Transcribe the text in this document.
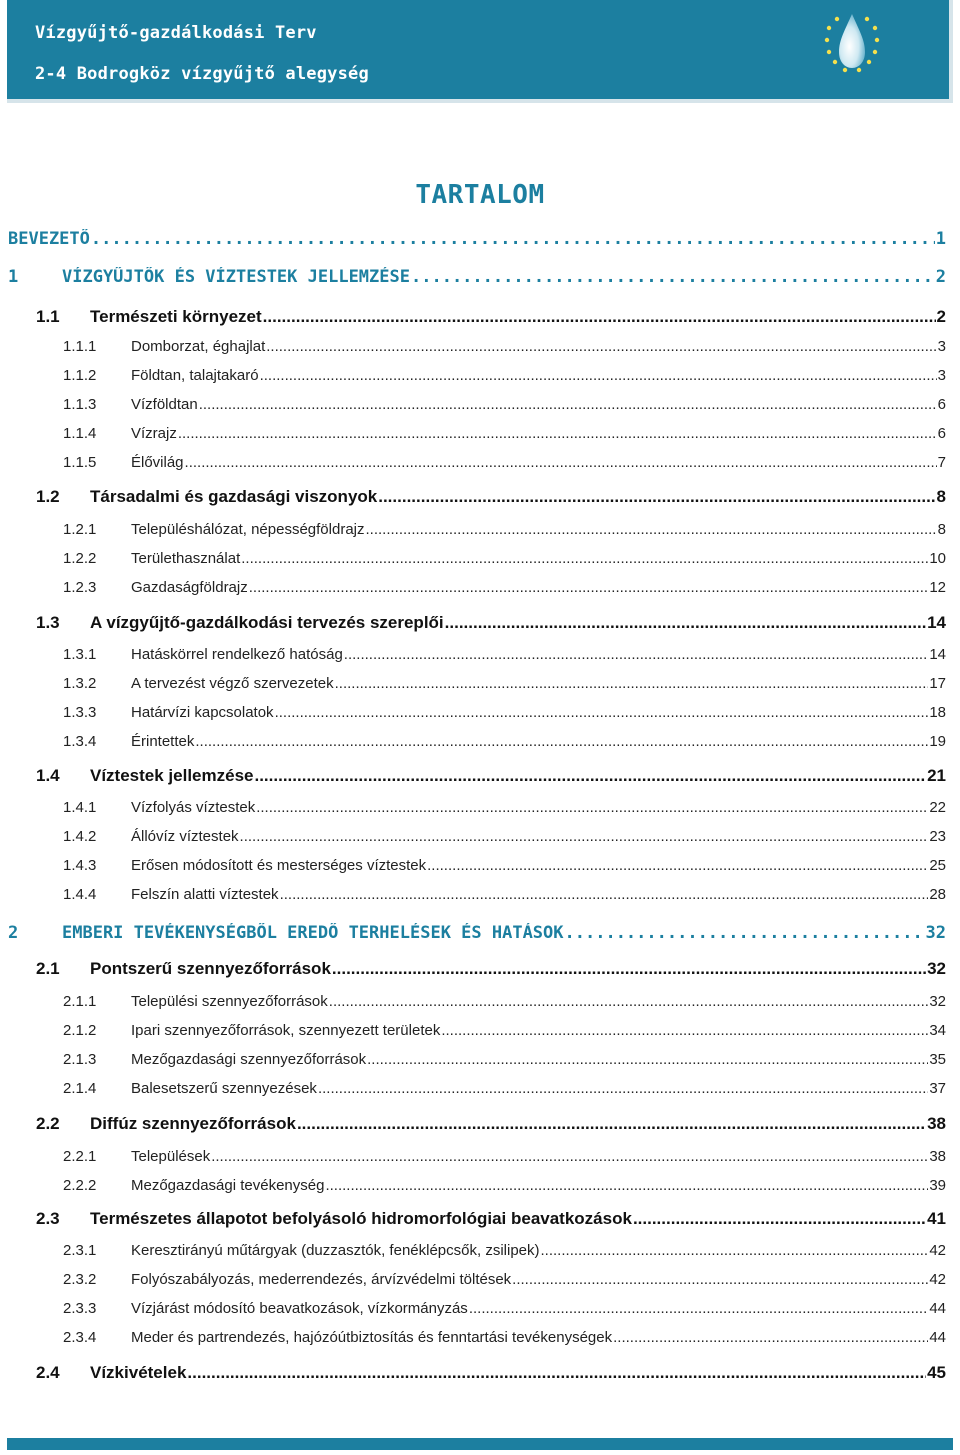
Vízgyűjtő-gazdálkodási Terv
2-4 Bodrogköz vízgyűjtő alegység
TARTALOM
BEVEZETŐ .....	1
1	VÍZGYŰJTŐK ÉS VÍZTESTEK JELLEMZÉSE .....	2
1.1 Természeti környezet .....	2
1.1.1 Domborzat, éghajlat .....	3
1.1.2 Földtan, talajtakaró .....	3
1.1.3 Vízföldtan .....	6
1.1.4 Vízrajz .....	6
1.1.5 Élővilág .....	7
1.2 Társadalmi és gazdasági viszonyok .....	8
1.2.1 Településhálózat, népességföldrajz .....	8
1.2.2 Területhasználat .....	10
1.2.3 Gazdaságföldrajz .....	12
1.3 A vízgyűjtő-gazdálkodási tervezés szereplői .....	14
1.3.1 Hatáskörrel rendelkező hatóság .....	14
1.3.2 A tervezést végző szervezetek .....	17
1.3.3 Határvízi kapcsolatok .....	18
1.3.4 Érintettek .....	19
1.4 Víztestek jellemzése .....	21
1.4.1 Vízfolyás víztestek .....	22
1.4.2 Állóvíz víztestek .....	23
1.4.3 Erősen módosított és mesterséges víztestek .....	25
1.4.4 Felszín alatti víztestek .....	28
2	EMBERI TEVÉKENYSÉGBŐL EREDŐ TERHELÉSEK ÉS HATÁSOK .....	32
2.1 Pontszerű szennyezőforrások .....	32
2.1.1 Települési szennyezőforrások .....	32
2.1.2 Ipari szennyezőforrások, szennyezett területek .....	34
2.1.3 Mezőgazdasági szennyezőforrások .....	35
2.1.4 Balesetszerű szennyezések .....	37
2.2 Diffúz szennyezőforrások .....	38
2.2.1 Települések .....	38
2.2.2 Mezőgazdasági tevékenység .....	39
2.3 Természetes állapotot befolyásoló hidromorfológiai beavatkozások .....	41
2.3.1 Keresztirányú műtárgyak (duzzasztók, fenéklépcsők, zsilipek) .....	42
2.3.2 Folyószabályozás, mederrendezés, árvízvédelmi töltések .....	42
2.3.3 Vízjárást módosító beavatkozások, vízkormányzás .....	44
2.3.4 Meder és partrendezés, hajózóútbiztosítás és fenntartási tevékenységek .....	44
2.4 Vízkivételek .....	45
